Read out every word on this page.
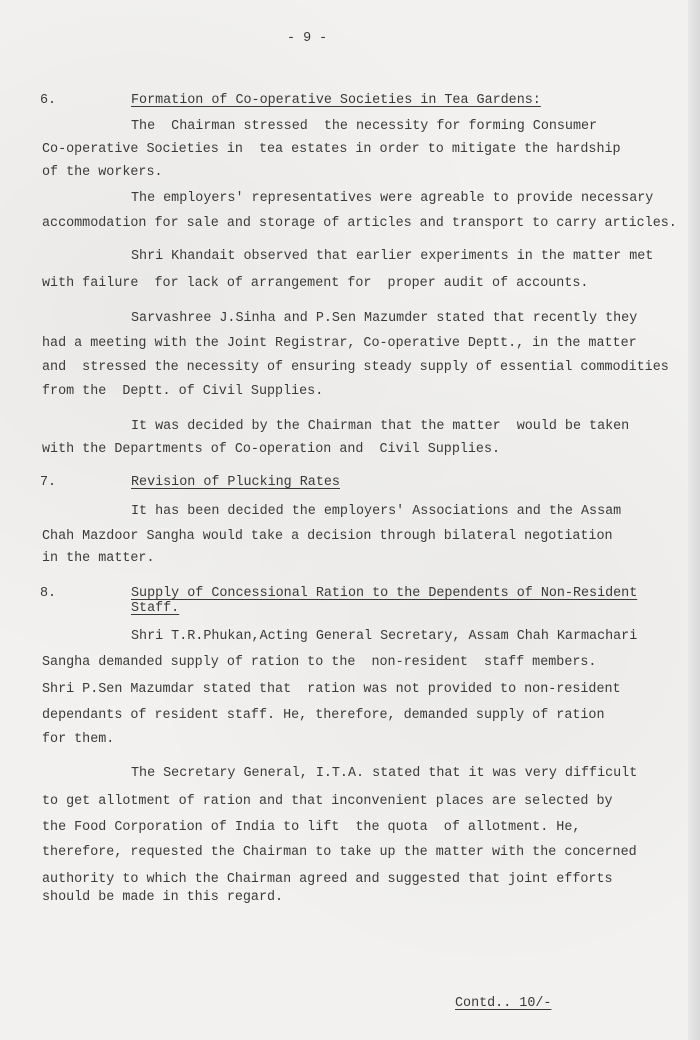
- 9 -
6.	Formation of Co-operative Societies in Tea Gardens:
The  Chairman stressed  the necessity for forming Consumer
Co-operative Societies in  tea estates in order to mitigate the hardship
of the workers.
The employers' representatives were agreable to provide necessary
accommodation for sale and storage of articles and transport to carry articles.
Shri Khandait observed that earlier experiments in the matter met
with failure  for lack of arrangement for  proper audit of accounts.
Sarvashree J.Sinha and P.Sen Mazumder stated that recently they
had a meeting with the Joint Registrar, Co-operative Deptt., in the matter
and  stressed the necessity of ensuring steady supply of essential commodities
from the  Deptt. of Civil Supplies.
It was decided by the Chairman that the matter  would be taken
with the Departments of Co-operation and  Civil Supplies.
7.	Revision of Plucking Rates
It has been decided the employers' Associations and the Assam
Chah Mazdoor Sangha would take a decision through bilateral negotiation
in the matter.
8.	Supply of Concessional Ration to the Dependents of Non-Resident
Staff.
Shri T.R.Phukan,Acting General Secretary, Assam Chah Karmachari
Sangha demanded supply of ration to the  non-resident  staff members.
Shri P.Sen Mazumdar stated that  ration was not provided to non-resident
dependants of resident staff. He, therefore, demanded supply of ration
for them.
The Secretary General, I.T.A. stated that it was very difficult
to get allotment of ration and that inconvenient places are selected by
the Food Corporation of India to lift  the quota  of allotment. He,
therefore, requested the Chairman to take up the matter with the concerned
authority to which the Chairman agreed and suggested that joint efforts
should be made in this regard.
Contd.. 10/-
